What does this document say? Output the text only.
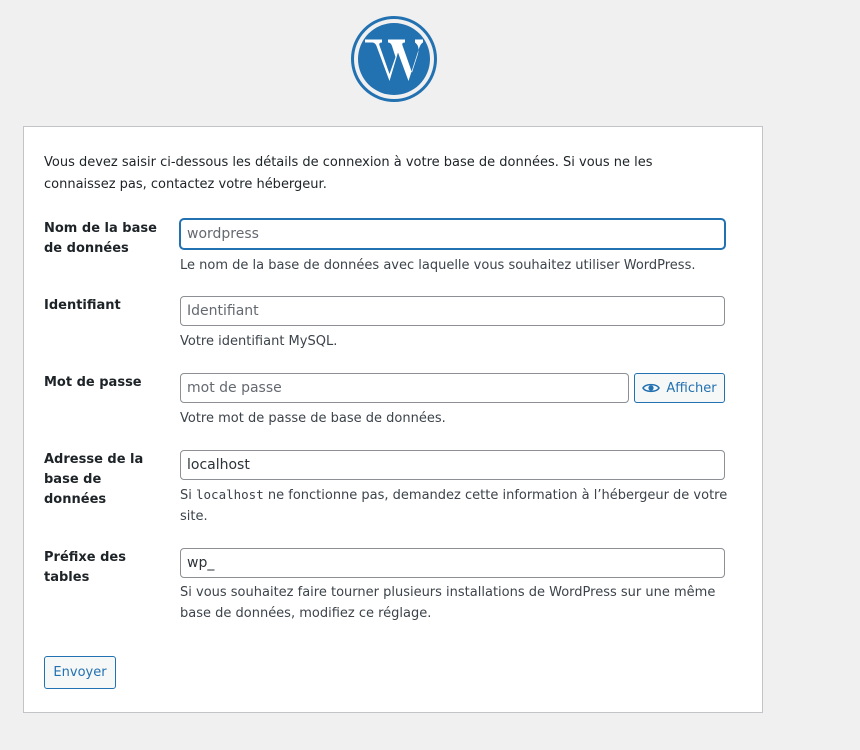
Vous devez saisir ci-dessous les détails de connexion à votre base de données. Si vous ne les connaissez pas, contactez votre hébergeur.

Nom de la base de données

wordpress

Le nom de la base de données avec laquelle vous souhaitez utiliser WordPress.

Identifiant

Identifiant

Votre identifiant MySQL.

Mot de passe	Afficher

Votre mot de passe de base de données.

Adresse de la base de données

localhost	Si localhost ne fonctionne pas, demandez cette information à l’hébergeur de votre site.

Préfixe des tables

wp_

Si vous souhaitez faire tourner plusieurs installations de WordPress sur une même base de données, modifiez ce réglage.

Envoyer
